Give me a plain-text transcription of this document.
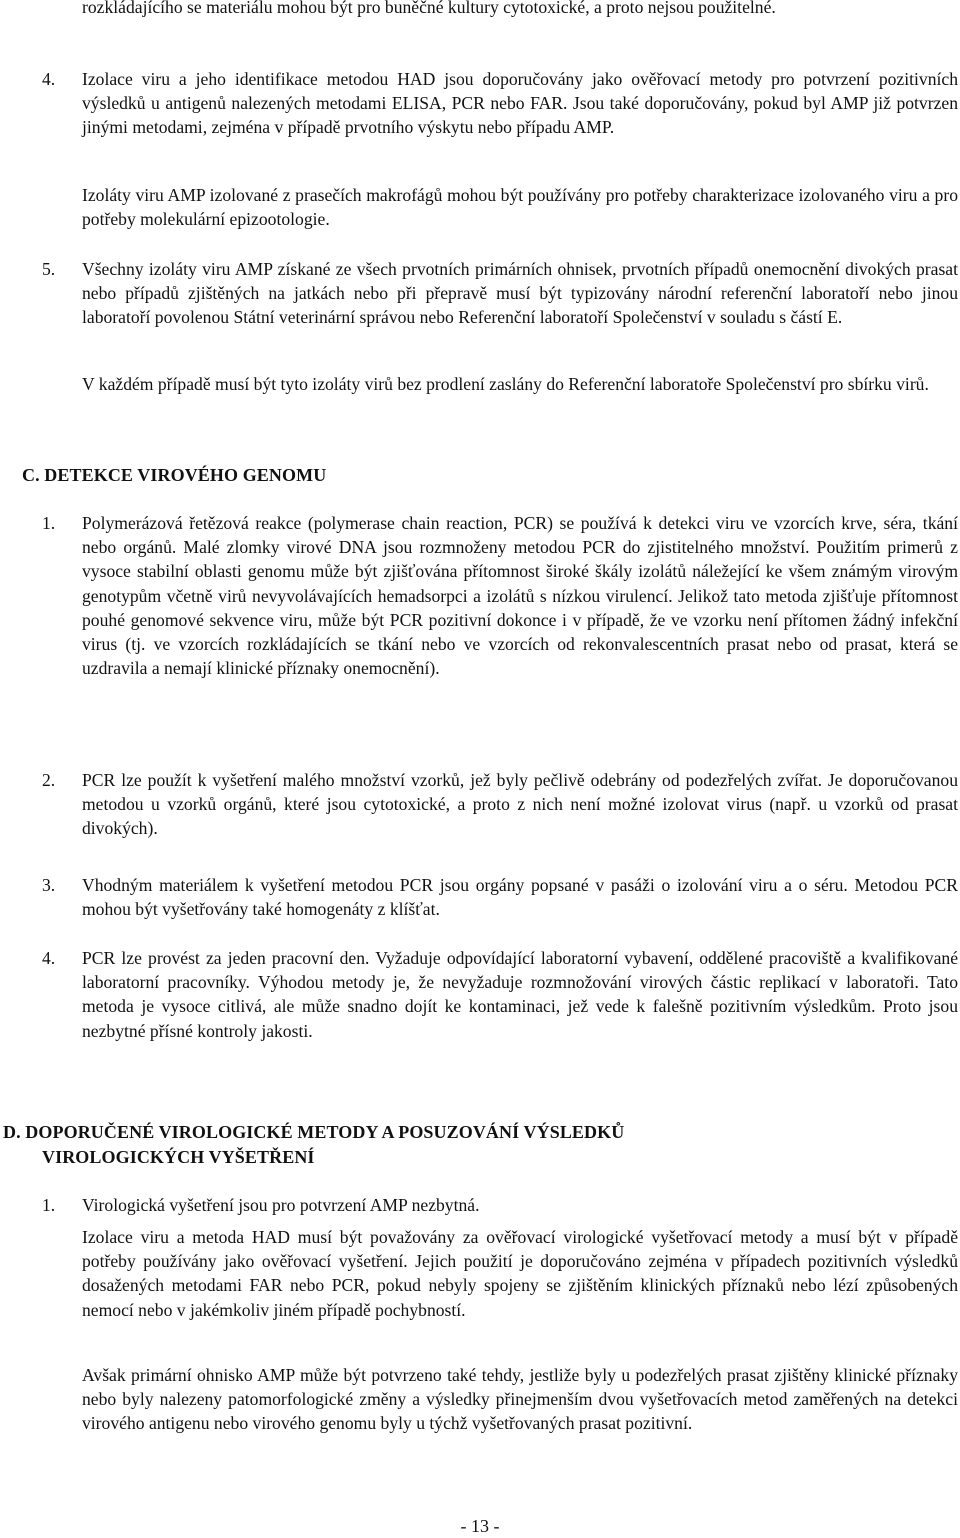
rozkládajícího se materiálu mohou být pro buněčné kultury cytotoxické, a proto nejsou použitelné.

4. Izolace viru a jeho identifikace metodou HAD jsou doporučovány jako ověřovací metody pro potvrzení pozitivních výsledků u antigenů nalezených metodami ELISA, PCR nebo FAR. Jsou také doporučovány, pokud byl AMP již potvrzen jinými metodami, zejména v případě prvotního výskytu nebo případu AMP.

Izoláty viru AMP izolované z prasečích makrofágů mohou být používány pro potřeby charakterizace izolovaného viru a pro potřeby molekulární epizootologie.

5. Všechny izoláty viru AMP získané ze všech prvotních primárních ohnisek, prvotních případů onemocnění divokých prasat nebo případů zjištěných na jatkách nebo při přepravě musí být typizovány národní referenční laboratoří nebo jinou laboratoří povolenou Státní veterinární správou nebo Referenční laboratoří Společenství v souladu s částí E.

V každém případě musí být tyto izoláty virů bez prodlení zaslány do Referenční laboratoře Společenství pro sbírku virů.

C. DETEKCE VIROVÉHO GENOMU
1. Polymerázová řetězová reakce (polymerase chain reaction, PCR) se používá k detekci viru ve vzorcích krve, séra, tkání nebo orgánů. Malé zlomky virové DNA jsou rozmnoženy metodou PCR do zjistitelného množství. Použitím primerů z vysoce stabilní oblasti genomu může být zjišťována přítomnost široké škály izolátů náležející ke všem známým virovým genotypům včetně virů nevyvolávajících hemadsorpci a izolátů s nízkou virulencí. Jelikož tato metoda zjišťuje přítomnost pouhé genomové sekvence viru, může být PCR pozitivní dokonce i v případě, že ve vzorku není přítomen žádný infekční virus (tj. ve vzorcích rozkládajících se tkání nebo ve vzorcích od rekonvalescentních prasat nebo od prasat, která se uzdravila a nemají klinické příznaky onemocnění).

2. PCR lze použít k vyšetření malého množství vzorků, jež byly pečlivě odebrány od podezřelých zvířat. Je doporučovanou metodou u vzorků orgánů, které jsou cytotoxické, a proto z nich není možné izolovat virus (např. u vzorků od prasat divokých).

3. Vhodným materiálem k vyšetření metodou PCR jsou orgány popsané v pasáži o izolování viru a o séru. Metodou PCR mohou být vyšetřovány také homogenáty z klíšťat.

4. PCR lze provést za jeden pracovní den. Vyžaduje odpovídající laboratorní vybavení, oddělené pracoviště a kvalifikované laboratorní pracovníky. Výhodou metody je, že nevyžaduje rozmnožování virových částic replikací v laboratoři. Tato metoda je vysoce citlivá, ale může snadno dojít ke kontaminaci, jež vede k falešně pozitivním výsledkům. Proto jsou nezbytné přísné kontroly jakosti.

D. DOPORUČENÉ VIROLOGICKÉ METODY A POSUZOVÁNÍ VÝSLEDKŮ
VIROLOGICKÝCH VYŠETŘENÍ
1. Virologická vyšetření jsou pro potvrzení AMP nezbytná.

Izolace viru a metoda HAD musí být považovány za ověřovací virologické vyšetřovací metody a musí být v případě potřeby používány jako ověřovací vyšetření. Jejich použití je doporučováno zejména v případech pozitivních výsledků dosažených metodami FAR nebo PCR, pokud nebyly spojeny se zjištěním klinických příznaků nebo lézí způsobených nemocí nebo v jakémkoliv jiném případě pochybností.

Avšak primární ohnisko AMP může být potvrzeno také tehdy, jestliže byly u podezřelých prasat zjištěny klinické příznaky nebo byly nalezeny patomorfologické změny a výsledky přinejmenším dvou vyšetřovacích metod zaměřených na detekci virového antigenu nebo virového genomu byly u týchž vyšetřovaných prasat pozitivní.

- 13 -
